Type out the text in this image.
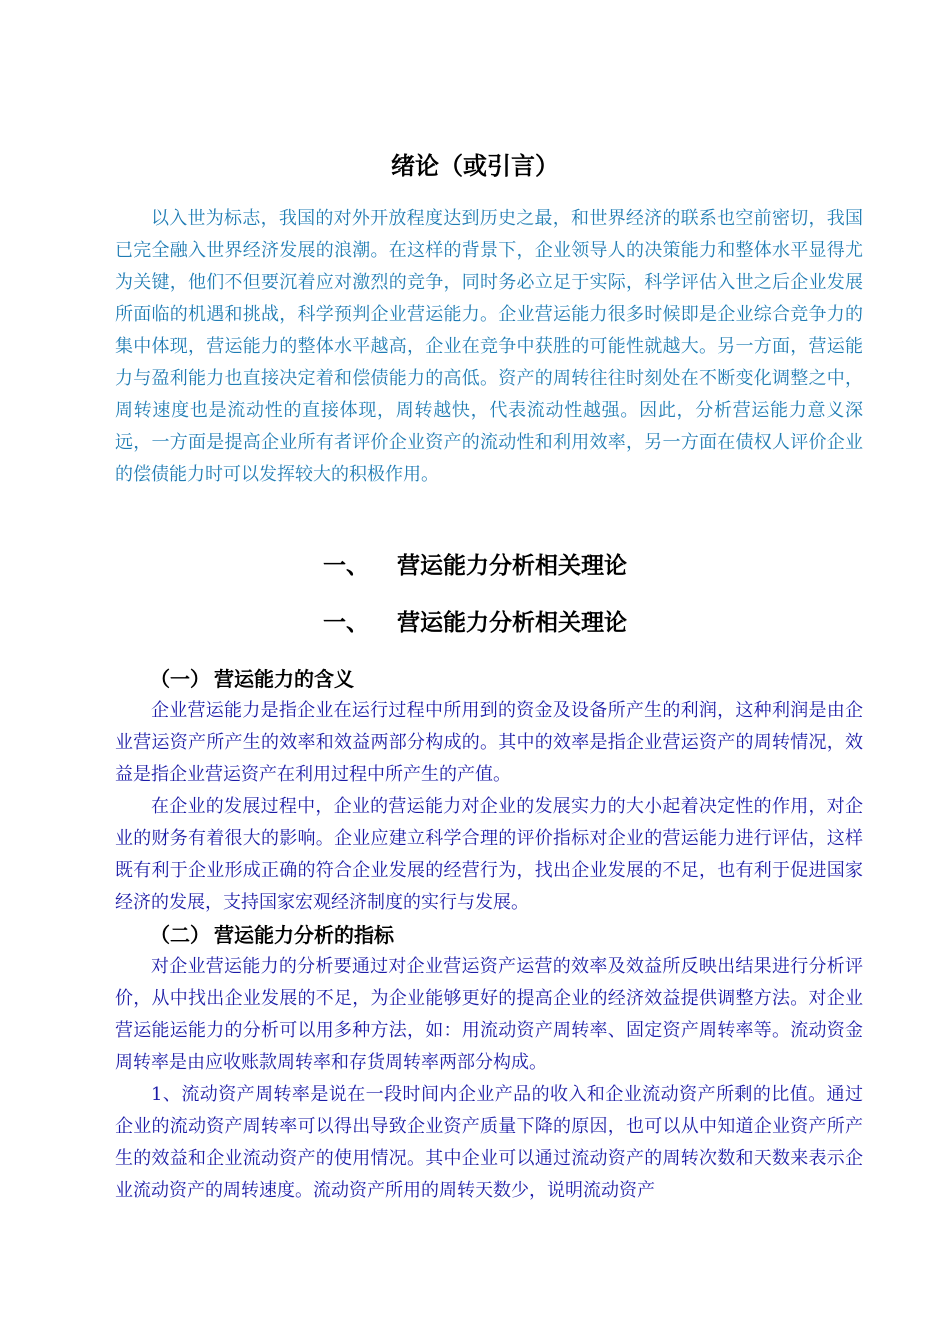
绪论（或引言）

以入世为标志，我国的对外开放程度达到历史之最，和世界经济的联系也空前密切，我国已完全融入世界经济发展的浪潮。在这样的背景下，企业领导人的决策能力和整体水平显得尤为关键，他们不但要沉着应对激烈的竞争，同时务必立足于实际，科学评估入世之后企业发展所面临的机遇和挑战，科学预判企业营运能力。企业营运能力很多时候即是企业综合竞争力的集中体现，营运能力的整体水平越高，企业在竞争中获胜的可能性就越大。另一方面，营运能力与盈利能力也直接决定着和偿债能力的高低。资产的周转往往时刻处在不断变化调整之中，周转速度也是流动性的直接体现，周转越快，代表流动性越强。因此，分析营运能力意义深远，一方面是提高企业所有者评价企业资产的流动性和利用效率，另一方面在债权人评价企业的偿债能力时可以发挥较大的积极作用。

一、 营运能力分析相关理论
一、 营运能力分析相关理论
（一） 营运能力的含义

企业营运能力是指企业在运行过程中所用到的资金及设备所产生的利润，这种利润是由企业营运资产所产生的效率和效益两部分构成的。其中的效率是指企业营运资产的周转情况，效益是指企业营运资产在利用过程中所产生的产值。

在企业的发展过程中，企业的营运能力对企业的发展实力的大小起着决定性的作用，对企业的财务有着很大的影响。企业应建立科学合理的评价指标对企业的营运能力进行评估，这样既有利于企业形成正确的符合企业发展的经营行为，找出企业发展的不足，也有利于促进国家经济的发展，支持国家宏观经济制度的实行与发展。

（二） 营运能力分析的指标

对企业营运能力的分析要通过对企业营运资产运营的效率及效益所反映出结果进行分析评价，从中找出企业发展的不足，为企业能够更好的提高企业的经济效益提供调整方法。对企业营运能运能力的分析可以用多种方法，如：用流动资产周转率、固定资产周转率等。流动资金周转率是由应收账款周转率和存货周转率两部分构成。

1、流动资产周转率是说在一段时间内企业产品的收入和企业流动资产所剩的比值。通过企业的流动资产周转率可以得出导致企业资产质量下降的原因，也可以从中知道企业资产所产生的效益和企业流动资产的使用情况。其中企业可以通过流动资产的周转次数和天数来表示企业流动资产的周转速度。流动资产所用的周转天数少，说明流动资产
